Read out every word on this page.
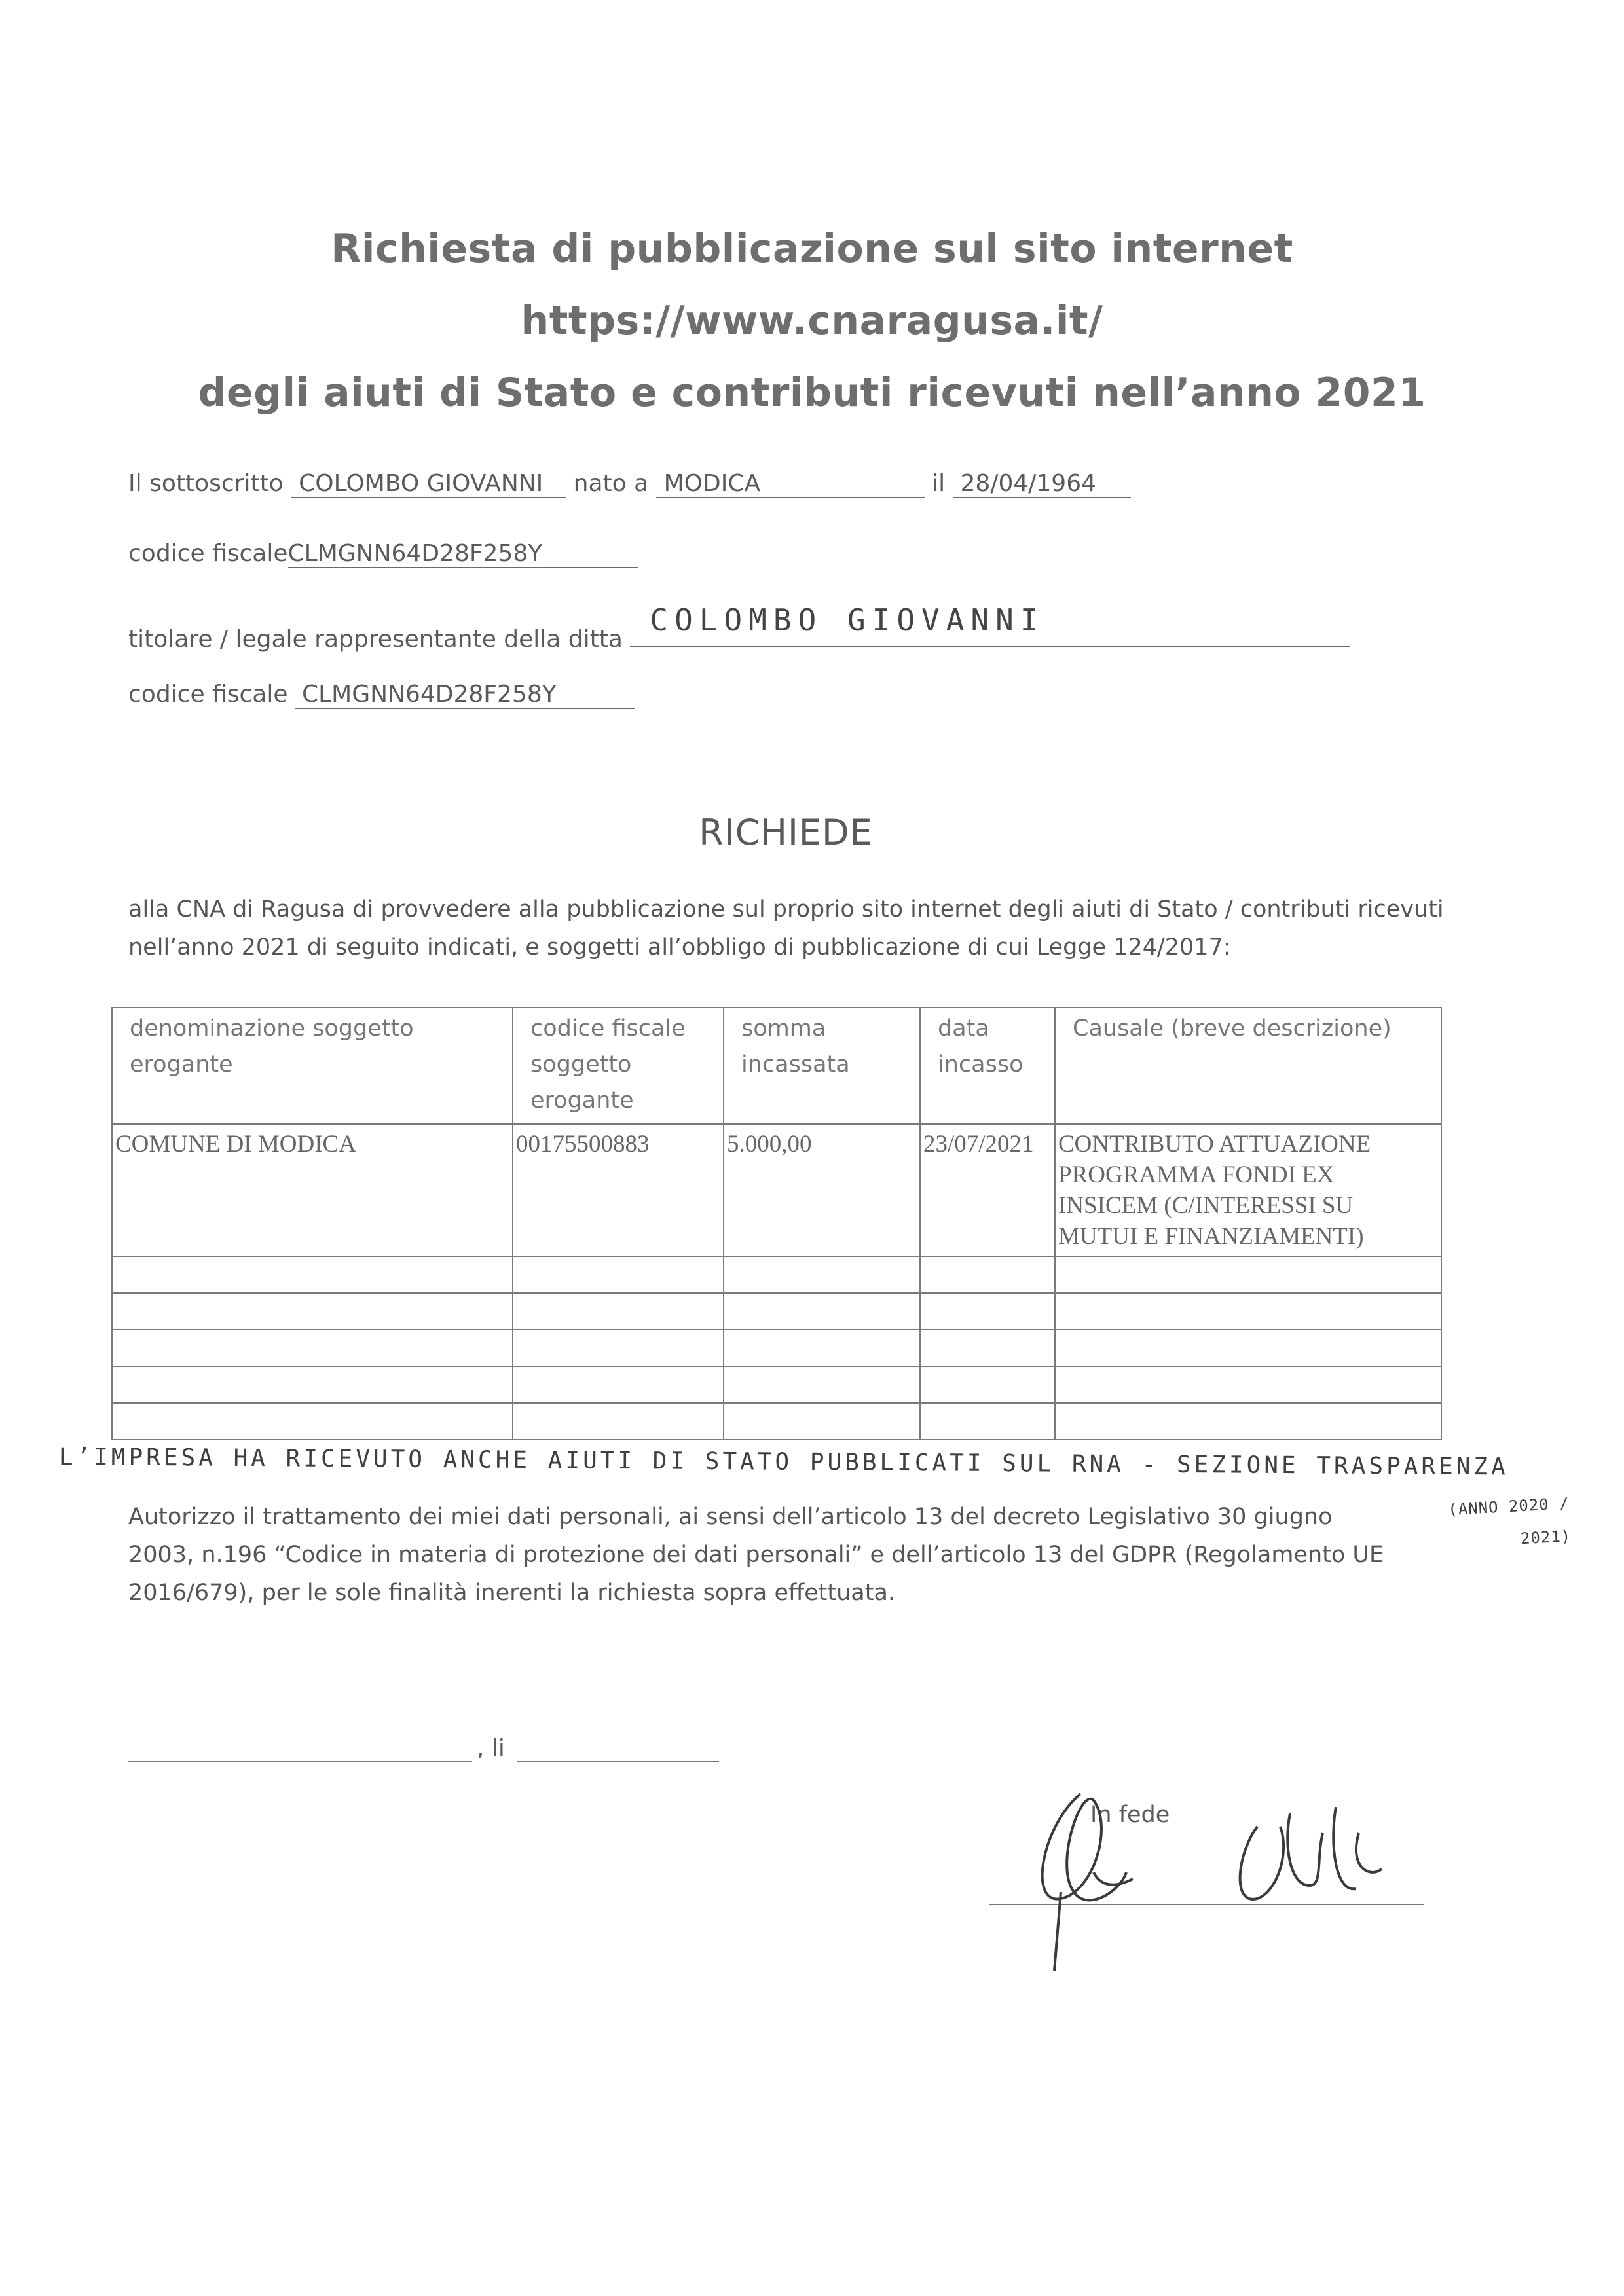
Richiesta di pubblicazione sul sito internet
https://www.cnaragusa.it/
degli aiuti di Stato e contributi ricevuti nell’anno 2021
Il sottoscritto COLOMBO GIOVANNI nato a MODICA	il 28/04/1964
codice fiscaleCLMGNN64D28F258Y
titolare / legale rappresentante della ditta
COLOMBO GIOVANNI
codice fiscale CLMGNN64D28F258Y
RICHIEDE
alla CNA di Ragusa di provvedere alla pubblicazione sul proprio sito internet degli aiuti di Stato / contributi ricevuti nell’anno 2021 di seguito indicati, e soggetti all’obbligo di pubblicazione di cui Legge 124/2017:
denominazione soggetto erogante	codice fiscale soggetto erogante	somma incassata	data incasso	Causale (breve descrizione)
COMUNE DI MODICA	00175500883	5.000,00	23/07/2021	CONTRIBUTO ATTUAZIONE PROGRAMMA FONDI EX INSICEM (C/INTERESSI SU MUTUI E FINANZIAMENTI)

L’IMPRESA HA RICEVUTO ANCHE AIUTI DI STATO PUBBLICATI SUL RNA - SEZIONE TRASPARENZA
(ANNO 2020 / 2021)
Autorizzo il trattamento dei miei dati personali, ai sensi dell’articolo 13 del decreto Legislativo 30 giugno 2003, n.196 “Codice in materia di protezione dei dati personali” e dell’articolo 13 del GDPR (Regolamento UE 2016/679), per le sole finalità inerenti la richiesta sopra effettuata.
, li
In fede
